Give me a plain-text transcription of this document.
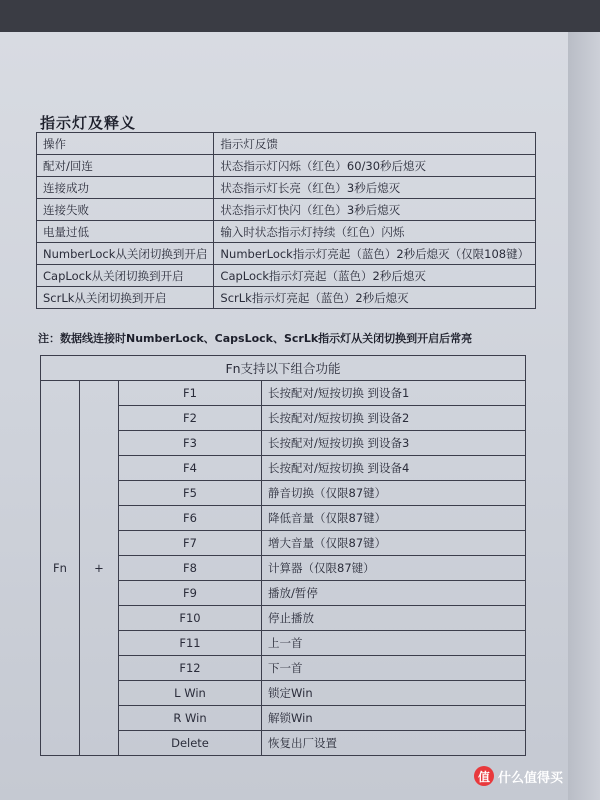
指示灯及释义
操作	指示灯反馈
配对/回连	状态指示灯闪烁（红色）60/30秒后熄灭
连接成功	状态指示灯长亮（红色）3秒后熄灭
连接失败	状态指示灯快闪（红色）3秒后熄灭
电量过低	输入时状态指示灯持续（红色）闪烁
NumberLock从关闭切换到开启	NumberLock指示灯亮起（蓝色）2秒后熄灭（仅限108键）
CapLock从关闭切换到开启	CapLock指示灯亮起（蓝色）2秒后熄灭
ScrLk从关闭切换到开启	ScrLk指示灯亮起（蓝色）2秒后熄灭
注：数据线连接时NumberLock、CapsLock、ScrLk指示灯从关闭切换到开启后常亮
Fn支持以下组合功能			
Fn	+	F1	长按配对/短按切换 到设备1
		F2	长按配对/短按切换 到设备2
		F3	长按配对/短按切换 到设备3
		F4	长按配对/短按切换 到设备4
		F5	静音切换（仅限87键）
		F6	降低音量（仅限87键）
		F7	增大音量（仅限87键）
		F8	计算器（仅限87键）
		F9	播放/暂停
		F10	停止播放
		F11	上一首
		F12	下一首
		L Win	锁定Win
		R Win	解锁Win
		Delete	恢复出厂设置
值 什么值得买
